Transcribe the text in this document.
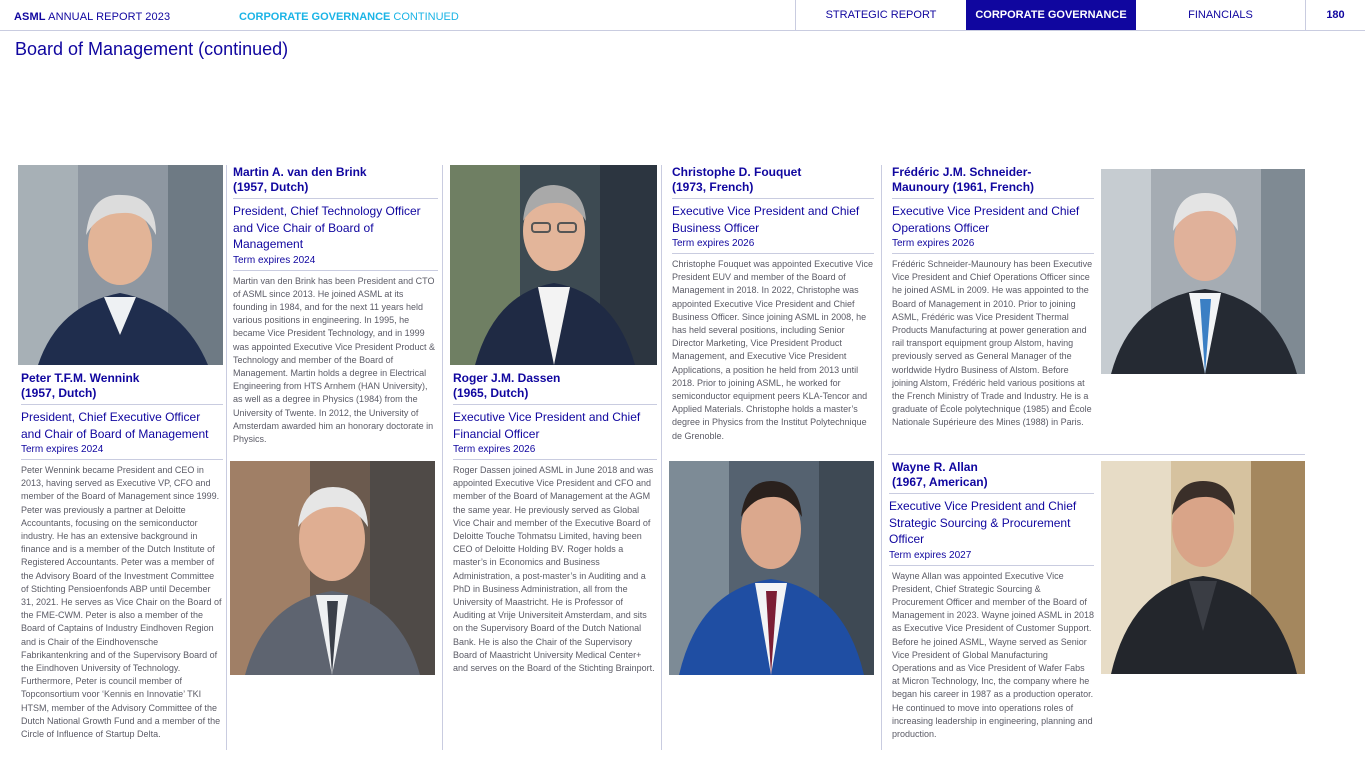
ASML ANNUAL REPORT 2023	CORPORATE GOVERNANCE CONTINUED	STRATEGIC REPORT	CORPORATE GOVERNANCE	FINANCIALS	180
Board of Management (continued)
Peter T.F.M. Wennink
(1957, Dutch)
President, Chief Executive Officer and Chair of Board of Management
Term expires 2024
Peter Wennink became President and CEO in 2013, having served as Executive VP, CFO and member of the Board of Management since 1999. Peter was previously a partner at Deloitte Accountants, focusing on the semiconductor industry. He has an extensive background in finance and is a member of the Dutch Institute of Registered Accountants. Peter was a member of the Advisory Board of the Investment Committee of Stichting Pensioenfonds ABP until December 31, 2021. He serves as Vice Chair on the Board of the FME-CWM. Peter is also a member of the Board of Captains of Industry Eindhoven Region and is Chair of the Eindhovensche Fabrikantenkring and of the Supervisory Board of the Eindhoven University of Technology. Furthermore, Peter is council member of Topconsortium voor ‘Kennis en Innovatie’ TKI HTSM, member of the Advisory Committee of the Dutch National Growth Fund and a member of the Circle of Influence of Startup Delta.
Martin A. van den Brink
(1957, Dutch)
President, Chief Technology Officer and Vice Chair of Board of Management
Term expires 2024
Martin van den Brink has been President and CTO of ASML since 2013. He joined ASML at its founding in 1984, and for the next 11 years held various positions in engineering. In 1995, he became Vice President Technology, and in 1999 was appointed Executive Vice President Product & Technology and member of the Board of Management. Martin holds a degree in Electrical Engineering from HTS Arnhem (HAN University), as well as a degree in Physics (1984) from the University of Twente. In 2012, the University of Amsterdam awarded him an honorary doctorate in Physics.
Roger J.M. Dassen
(1965, Dutch)
Executive Vice President and Chief Financial Officer
Term expires 2026
Roger Dassen joined ASML in June 2018 and was appointed Executive Vice President and CFO and member of the Board of Management at the AGM the same year. He previously served as Global Vice Chair and member of the Executive Board of Deloitte Touche Tohmatsu Limited, having been CEO of Deloitte Holding BV. Roger holds a master’s in Economics and Business Administration, a post-master’s in Auditing and a PhD in Business Administration, all from the University of Maastricht. He is Professor of Auditing at Vrije Universiteit Amsterdam, and sits on the Supervisory Board of the Dutch National Bank. He is also the Chair of the Supervisory Board of Maastricht University Medical Center+ and serves on the Board of the Stichting Brainport.
Christophe D. Fouquet
(1973, French)
Executive Vice President and Chief Business Officer
Term expires 2026
Christophe Fouquet was appointed Executive Vice President EUV and member of the Board of Management in 2018. In 2022, Christophe was appointed Executive Vice President and Chief Business Officer. Since joining ASML in 2008, he has held several positions, including Senior Director Marketing, Vice President Product Management, and Executive Vice President Applications, a position he held from 2013 until 2018. Prior to joining ASML, he worked for semiconductor equipment peers KLA-Tencor and Applied Materials. Christophe holds a master’s degree in Physics from the Institut Polytechnique de Grenoble.
Frédéric J.M. Schneider-
Maunoury (1961, French)
Executive Vice President and Chief Operations Officer
Term expires 2026
Frédéric Schneider-Maunoury has been Executive Vice President and Chief Operations Officer since he joined ASML in 2009. He was appointed to the Board of Management in 2010. Prior to joining ASML, Frédéric was Vice President Thermal Products Manufacturing at power generation and rail transport equipment group Alstom, having previously served as General Manager of the worldwide Hydro Business of Alstom. Before joining Alstom, Frédéric held various positions at the French Ministry of Trade and Industry. He is a graduate of École polytechnique (1985) and École Nationale Supérieure des Mines (1988) in Paris.
Wayne R. Allan
(1967, American)
Executive Vice President and Chief Strategic Sourcing & Procurement Officer
Term expires 2027
Wayne Allan was appointed Executive Vice President, Chief Strategic Sourcing & Procurement Officer and member of the Board of Management in 2023. Wayne joined ASML in 2018 as Executive Vice President of Customer Support. Before he joined ASML, Wayne served as Senior Vice President of Global Manufacturing Operations and as Vice President of Wafer Fabs at Micron Technology, Inc, the company where he began his career in 1987 as a production operator. He continued to move into operations roles of increasing leadership in engineering, planning and production.
